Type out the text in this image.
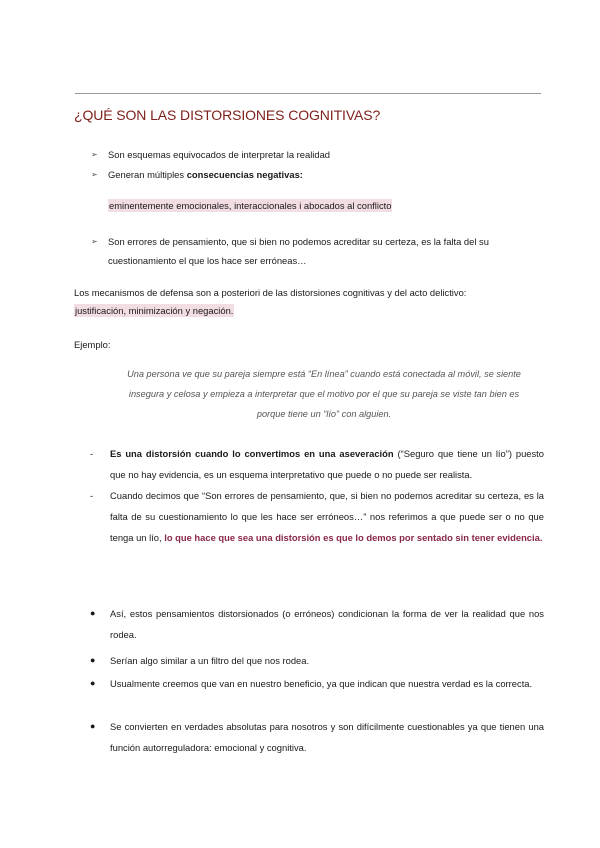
¿QUÉ SON LAS DISTORSIONES COGNITIVAS?
➢ Son esquemas equivocados de interpretar la realidad
➢ Generan múltiples consecuencias negativas:
eminentemente emocionales, interaccionales i abocados al conflicto
➢ Son errores de pensamiento, que si bien no podemos acreditar su certeza, es la falta del su
cuestionamiento el que los hace ser erróneas…
Los mecanismos de defensa son a posteriori de las distorsiones cognitivas y del acto delictivo:
justificación, minimización y negación.
Ejemplo:
Una persona ve que su pareja siempre está “En línea” cuando está conectada al móvil, se siente
insegura y celosa y empieza a interpretar que el motivo por el que su pareja se viste tan bien es
porque tiene un “lío” con alguien.
- Es una distorsión cuando lo convertimos en una aseveración (“Seguro que tiene un lío”) puesto que no hay evidencia, es un esquema interpretativo que puede o no puede ser realista.
- Cuando decimos que “Son errores de pensamiento, que, si bien no podemos acreditar su certeza, es la falta de su cuestionamiento lo que les hace ser erróneos…” nos referimos a que puede ser o no que tenga un lío, lo que hace que sea una distorsión es que lo demos por sentado sin tener evidencia.
● Así, estos pensamientos distorsionados (o erróneos) condicionan la forma de ver la realidad que nos rodea.
● Serían algo similar a un filtro del que nos rodea.
● Usualmente creemos que van en nuestro beneficio, ya que indican que nuestra verdad es la correcta.
● Se convierten en verdades absolutas para nosotros y son difícilmente cuestionables ya que tienen una función autorreguladora: emocional y cognitiva.
